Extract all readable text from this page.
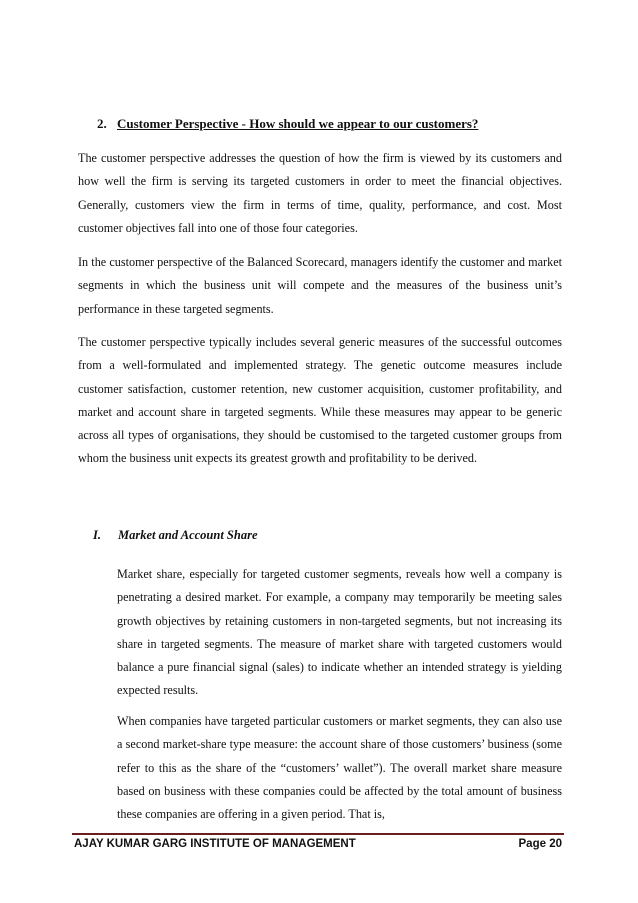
2. Customer Perspective - How should we appear to our customers?

The customer perspective addresses the question of how the firm is viewed by its customers and how well the firm is serving its targeted customers in order to meet the financial objectives. Generally, customers view the firm in terms of time, quality, performance, and cost. Most customer objectives fall into one of those four categories.

In the customer perspective of the Balanced Scorecard, managers identify the customer and market segments in which the business unit will compete and the measures of the business unit’s performance in these targeted segments.

The customer perspective typically includes several generic measures of the successful outcomes from a well-formulated and implemented strategy. The genetic outcome measures include customer satisfaction, customer retention, new customer acquisition, customer profitability, and market and account share in targeted segments. While these measures may appear to be generic across all types of organisations, they should be customised to the targeted customer groups from whom the business unit expects its greatest growth and profitability to be derived.

I. Market and Account Share

Market share, especially for targeted customer segments, reveals how well a company is penetrating a desired market. For example, a company may temporarily be meeting sales growth objectives by retaining customers in non-targeted segments, but not increasing its share in targeted segments. The measure of market share with targeted customers would balance a pure financial signal (sales) to indicate whether an intended strategy is yielding expected results.

When companies have targeted particular customers or market segments, they can also use a second market-share type measure: the account share of those customers’ business (some refer to this as the share of the “customers’ wallet”). The overall market share measure based on business with these companies could be affected by the total amount of business these companies are offering in a given period. That is,

AJAY KUMAR GARG INSTITUTE OF MANAGEMENT	Page 20
